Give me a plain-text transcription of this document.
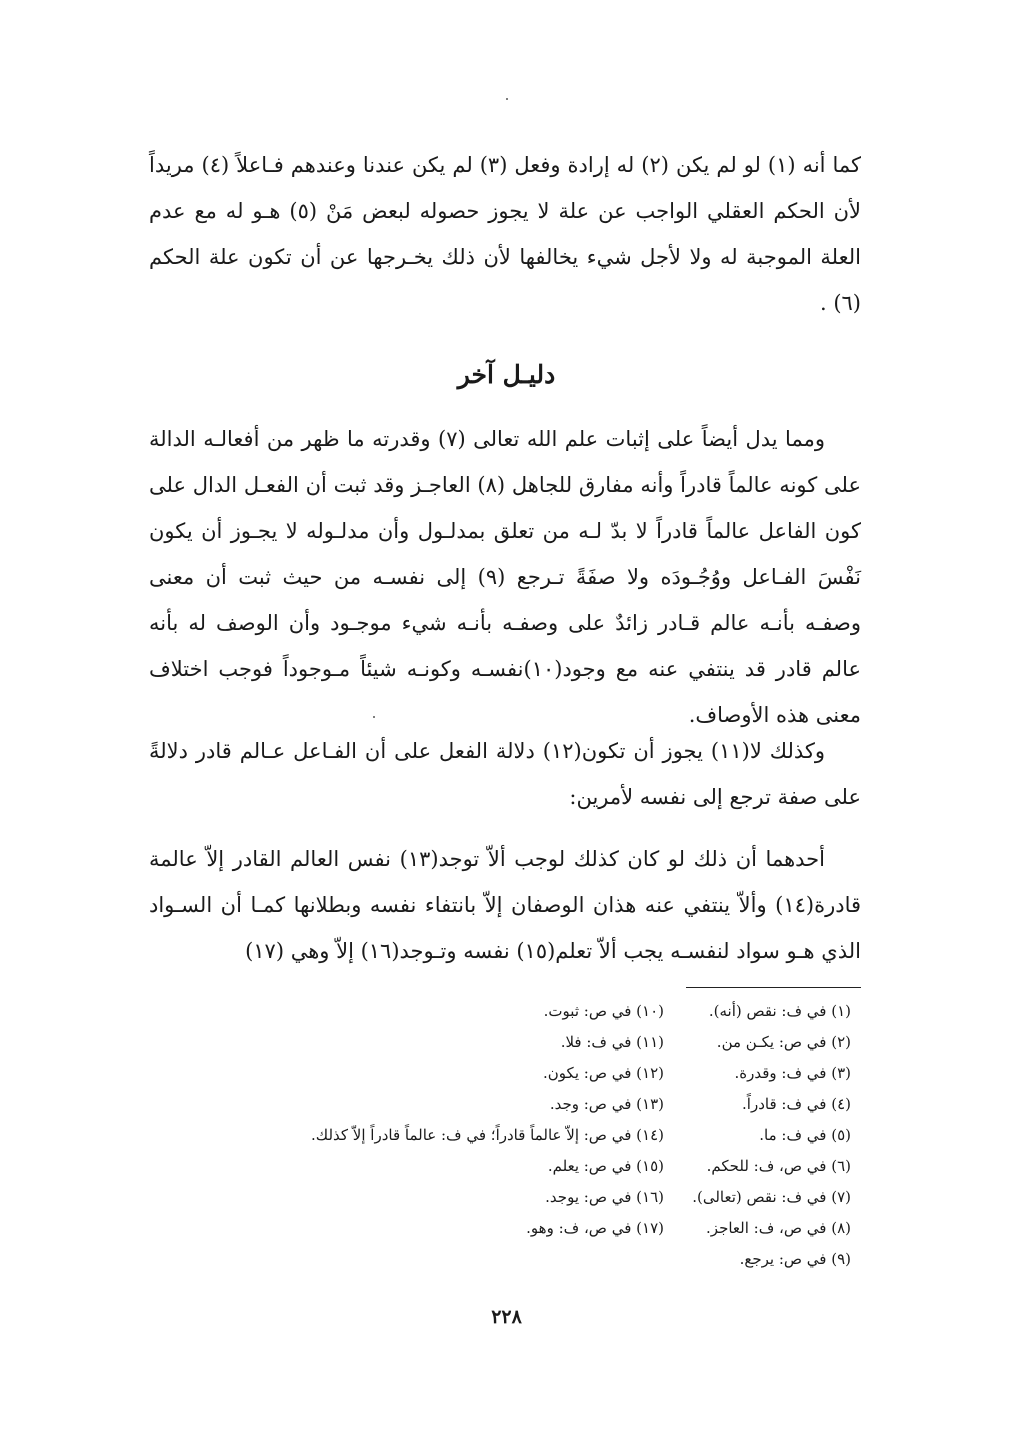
كما أنه (١) لو لم يكن (٢) له إرادة وفعل (٣) لم يكن عندنا وعندهم فـاعلاً (٤) مريداً لأن الحكم العقلي الواجب عن علة لا يجوز حصوله لبعض مَنْ (٥) هـو له مع عدم العلة الموجبة له ولا لأجل شيء يخالفها لأن ذلك يخـرجها عن أن تكون علة الحكم (٦) .

دليـل آخر

ومما يدل أيضاً على إثبات علم الله تعالى (٧) وقدرته ما ظهر من أفعالـه الدالة على كونه عالماً قادراً وأنه مفارق للجاهل (٨) العاجـز وقد ثبت أن الفعـل الدال على كون الفاعل عالماً قادراً لا بدّ لـه من تعلق بمدلـول وأن مدلـوله لا يجـوز أن يكون نَفْسَ الفـاعل ووُجُـودَه ولا صفَةً تـرجع (٩) إلى نفسـه من حيث ثبت أن معنى وصفـه بأنـه عالم قـادر زائدٌ على وصفـه بأنـه شيء موجـود وأن الوصف له بأنه عالم قادر قد ينتفي عنه مع وجود(١٠)نفسـه وكونـه شيئاً مـوجوداً فوجب اختلاف معنى هذه الأوصاف.

وكذلك لا(١١) يجوز أن تكون(١٢) دلالة الفعل على أن الفـاعل عـالم قادر دلالةً على صفة ترجع إلى نفسه لأمرين:

أحدهما أن ذلك لو كان كذلك لوجب ألاّ توجد(١٣) نفس العالم القادر إلاّ عالمة قادرة(١٤) وألاّ ينتفي عنه هذان الوصفان إلاّ بانتفاء نفسه وبطلانها كمـا أن السـواد الذي هـو سواد لنفسـه يجب ألاّ تعلم(١٥) نفسه وتـوجد(١٦) إلاّ وهي (١٧)

(١) في ف: نقص (أنه).
(١٠) في ص: ثبوت.
(٢) في ص: يكـن من.
(١١) في ف: فلا.
(٣) في ف: وقدرة.
(١٢) في ص: يكون.
(٤) في ف: قادراً.
(١٣) في ص: وجد.
(٥) في ف: ما.
(١٤) في ص: إلاّ عالماً قادراً؛ في ف: عالماً قادراً إلاّ كذلك.
(٦) في ص، ف: للحكم.
(١٥) في ص: يعلم.
(٧) في ف: نقص (تعالى).
(١٦) في ص: يوجد.
(٨) في ص، ف: العاجز.
(١٧) في ص، ف: وهو.
(٩) في ص: يرجع.
٢٢٨
